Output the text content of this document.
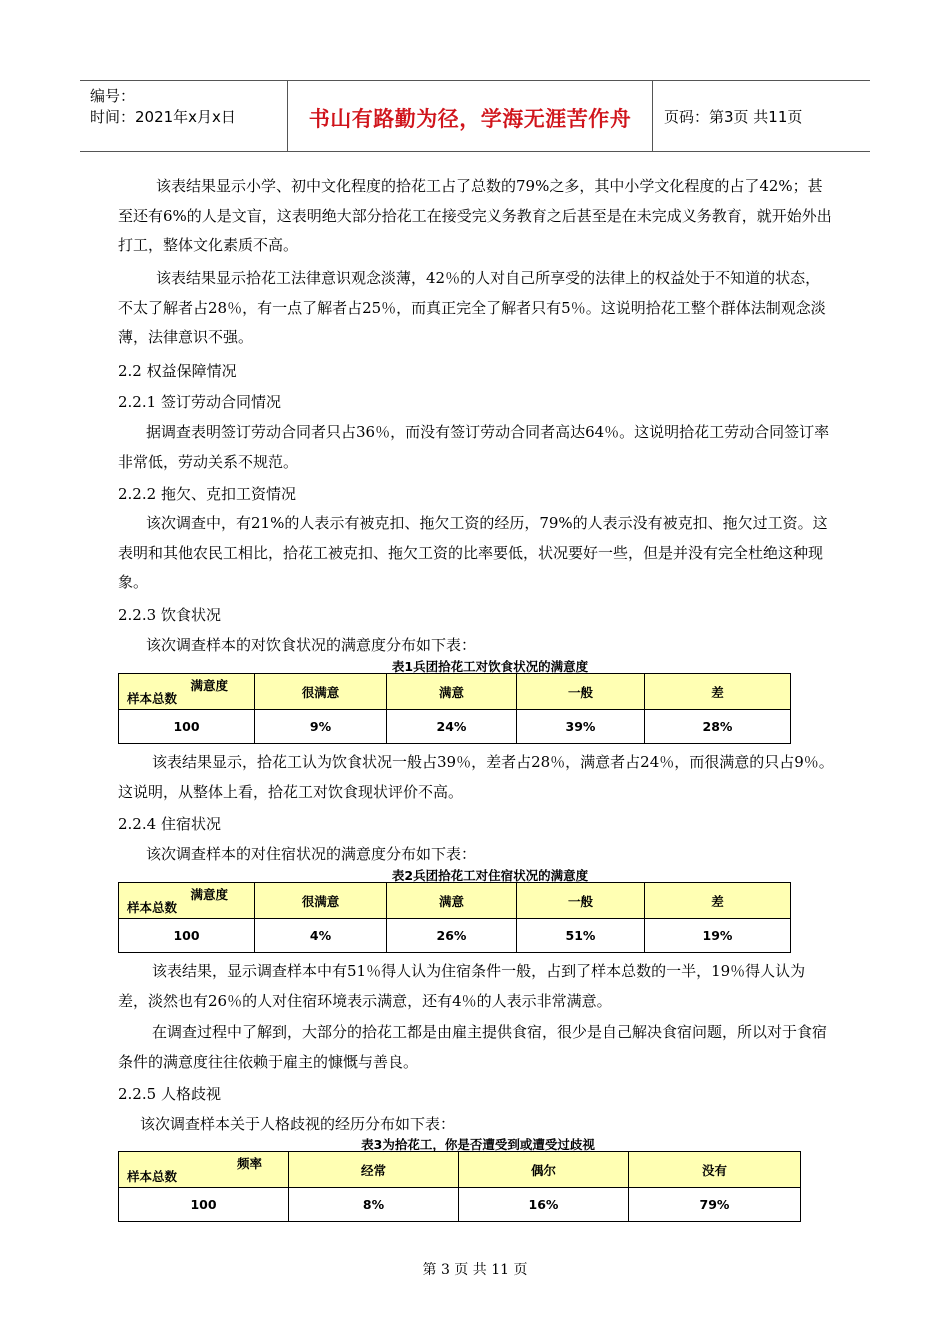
编号：
时间：2021年x月x日	书山有路勤为径，学海无涯苦作舟	页码：第3页 共11页

该表结果显示小学、初中文化程度的拾花工占了总数的79%之多，其中小学文化程度的占了42%；甚至还有6%的人是文盲，这表明绝大部分拾花工在接受完义务教育之后甚至是在未完成义务教育，就开始外出打工，整体文化素质不高。

该表结果显示拾花工法律意识观念淡薄，42％的人对自己所享受的法律上的权益处于不知道的状态，不太了解者占28％，有一点了解者占25％，而真正完全了解者只有5％。这说明拾花工整个群体法制观念淡薄，法律意识不强。

2.2 权益保障情况
2.2.1 签订劳动合同情况

据调查表明签订劳动合同者只占36％，而没有签订劳动合同者高达64％。这说明拾花工劳动合同签订率非常低，劳动关系不规范。

2.2.2 拖欠、克扣工资情况

该次调查中，有21%的人表示有被克扣、拖欠工资的经历，79%的人表示没有被克扣、拖欠过工资。这表明和其他农民工相比，拾花工被克扣、拖欠工资的比率要低，状况要好一些，但是并没有完全杜绝这种现象。

2.2.3 饮食状况

该次调查样本的对饮食状况的满意度分布如下表：

表1兵团拾花工对饮食状况的满意度
满意度
样本总数	很满意	满意	一般	差
100	9%	24%	39%	28%

该表结果显示，拾花工认为饮食状况一般占39％，差者占28％，满意者占24％，而很满意的只占9％。这说明，从整体上看，拾花工对饮食现状评价不高。

2.2.4 住宿状况

该次调查样本的对住宿状况的满意度分布如下表：

表2兵团拾花工对住宿状况的满意度
满意度
样本总数	很满意	满意	一般	差
100	4%	26%	51%	19%

该表结果，显示调查样本中有51％得人认为住宿条件一般，占到了样本总数的一半，19％得人认为差，淡然也有26％的人对住宿环境表示满意，还有4％的人表示非常满意。

在调查过程中了解到，大部分的拾花工都是由雇主提供食宿，很少是自己解决食宿问题，所以对于食宿条件的满意度往往依赖于雇主的慷慨与善良。

2.2.5 人格歧视

该次调查样本关于人格歧视的经历分布如下表：

表3为拾花工，你是否遭受到或遭受过歧视
频率
样本总数	经常	偶尔	没有
100	8%	16%	79%
第 3 页 共 11 页
